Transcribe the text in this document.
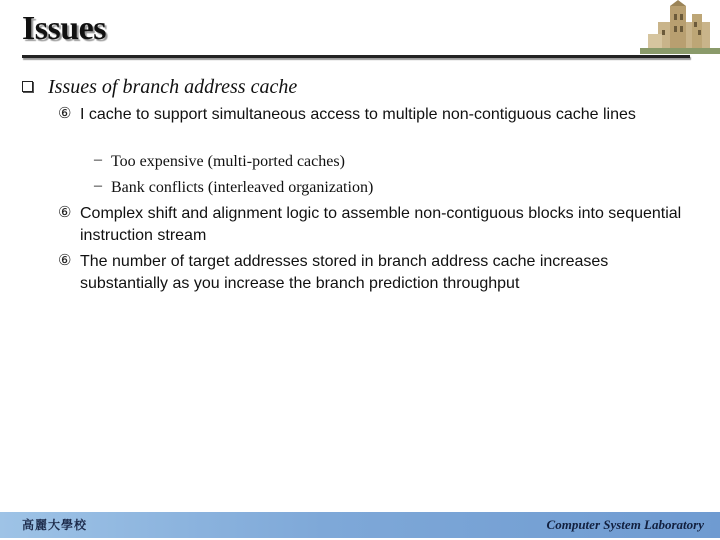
Issues
Issues of branch address cache
⑥ I cache to support simultaneous access to multiple non-contiguous cache lines
– Too expensive (multi-ported caches)
– Bank conflicts (interleaved organization)
⑥ Complex shift and alignment logic to assemble non-contiguous blocks into sequential instruction stream
⑥ The number of target addresses stored in branch address cache increases substantially as you increase the branch prediction throughput
高麗大學校	Computer System Laboratory
